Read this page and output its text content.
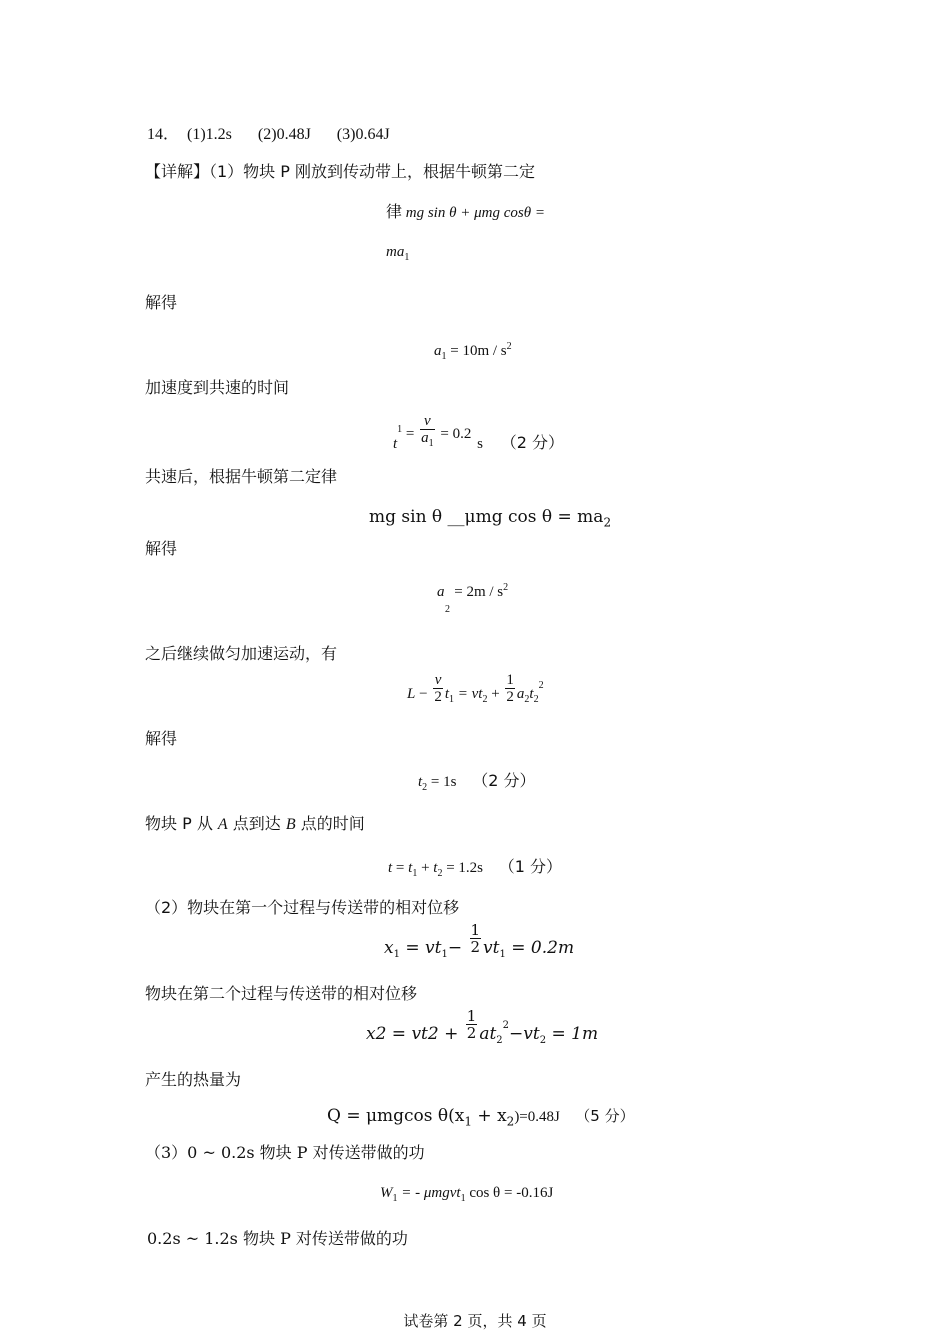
14． (1)1.2s (2)0.48J (3)0.64J
【详解】（1）物块 P 刚放到传动带上，根据牛顿第二定
律 mg sin θ + μmg cosθ =
$ma_1$
解得
$a_1 = 10m / s^2$
加速度到共速的时间
$t^1 = \frac{v}{a_1} = 0.2$ s （2 分）
共速后，根据牛顿第二定律
mg sin θ __μmg $\cos \theta = ma_2$
解得
$a = 2m / s^2$
2
之后继续做匀加速运动，有
$L - \frac{v}{2} t_1 = vt_2 + \frac{1}{2} a_2t_2^2$
解得
$t_2 = 1s$ （2 分）
物块 P 从 A 点到达 B 点的时间
$t = t_1 + t_2 = 1.2s$ （1 分）
（2）物块在第一个过程与传送带的相对位移
$x_1 = vt_1- \frac{1}{2} vt_1 = 0.2m$
物块在第二个过程与传送带的相对位移
$x2 = vt2 + \frac{1}{2} at_2^2-vt_2 = 1m$
产生的热量为
Q = μmgcos $\theta(x_1 + x_2)=0.48J$ （5 分）
（3）0 ~ 0.2s 物块 P 对传送带做的功
$W_1$ = - μmgvt$_1$ cos θ = -0.16J
0.2s ~ 1.2s 物块 P 对传送带做的功
试卷第 2 页，共 4 页
